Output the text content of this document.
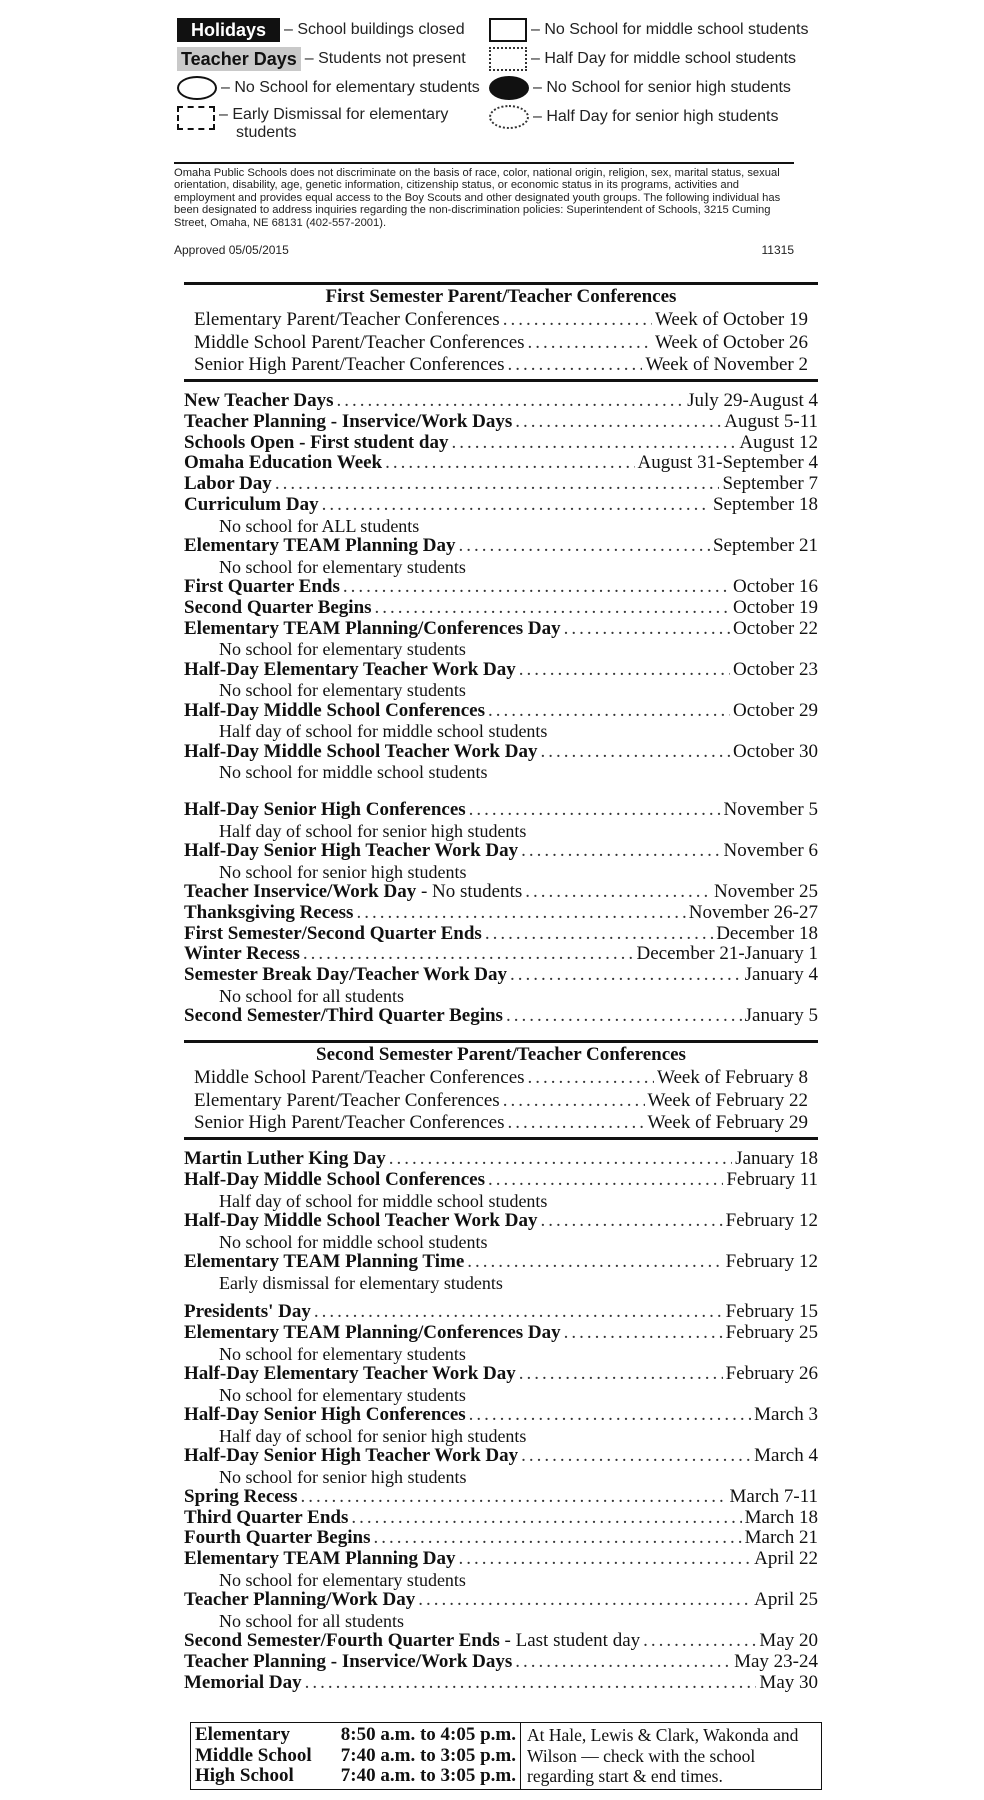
Holidays	– School buildings closed
Teacher Days – Students not present
– No School for elementary students
– Early Dismissal for elementary
students
– No School for middle school students
– Half Day for middle school students
– No School for senior high students
– Half Day for senior high students
Omaha Public Schools does not discriminate on the basis of race, color, national origin, religion, sex, marital status, sexual orientation, disability, age, genetic information, citizenship status, or economic status in its programs, activities and employment and provides equal access to the Boy Scouts and other designated youth groups. The following individual has been designated to address inquiries regarding the non-discrimination policies: Superintendent of Schools, 3215 Cuming Street, Omaha, NE 68131 (402-557-2001).
Approved 05/05/2015	11315
First Semester Parent/Teacher Conferences
Elementary Parent/Teacher Conferences .....	Week of October 19
Middle School Parent/Teacher Conferences .....	Week of October 26
Senior High Parent/Teacher Conferences .....	Week of November 2
New Teacher Days .....	July 29-August 4
Teacher Planning - Inservice/Work Days .....	August 5-11
Schools Open - First student day .....	August 12
Omaha Education Week .....	August 31-September 4
Labor Day .....	September 7
Curriculum Day .....	September 18
No school for ALL students
Elementary TEAM Planning Day .....	September 21
No school for elementary students
First Quarter Ends .....	October 16
Second Quarter Begins .....	October 19
Elementary TEAM Planning/Conferences Day .....	October 22
No school for elementary students
Half-Day Elementary Teacher Work Day .....	October 23
No school for elementary students
Half-Day Middle School Conferences .....	October 29
Half day of school for middle school students
Half-Day Middle School Teacher Work Day .....	October 30
No school for middle school students
Half-Day Senior High Conferences .....	November 5
Half day of school for senior high students
Half-Day Senior High Teacher Work Day .....	November 6
No school for senior high students
Teacher Inservice/Work Day - No students .....	November 25
Thanksgiving Recess .....	November 26-27
First Semester/Second Quarter Ends .....	December 18
Winter Recess .....	December 21-January 1
Semester Break Day/Teacher Work Day .....	January 4
No school for all students
Second Semester/Third Quarter Begins .....	January 5
Second Semester Parent/Teacher Conferences
Middle School Parent/Teacher Conferences .....	Week of February 8
Elementary Parent/Teacher Conferences .....	Week of February 22
Senior High Parent/Teacher Conferences .....	Week of February 29
Martin Luther King Day .....	January 18
Half-Day Middle School Conferences .....	February 11
Half day of school for middle school students
Half-Day Middle School Teacher Work Day .....	February 12
No school for middle school students
Elementary TEAM Planning Time .....	February 12
Early dismissal for elementary students
Presidents' Day .....	February 15
Elementary TEAM Planning/Conferences Day .....	February 25
No school for elementary students
Half-Day Elementary Teacher Work Day .....	February 26
No school for elementary students
Half-Day Senior High Conferences .....	March 3
Half day of school for senior high students
Half-Day Senior High Teacher Work Day .....	March 4
No school for senior high students
Spring Recess .....	March 7-11
Third Quarter Ends .....	March 18
Fourth Quarter Begins .....	March 21
Elementary TEAM Planning Day .....	April 22
No school for elementary students
Teacher Planning/Work Day .....	April 25
No school for all students
Second Semester/Fourth Quarter Ends - Last student day .....	May 20
Teacher Planning - Inservice/Work Days .....	May 23-24
Memorial Day .....	May 30
Elementary	8:50 a.m. to 4:05 p.m.
Middle School	7:40 a.m. to 3:05 p.m.
High School	7:40 a.m. to 3:05 p.m.
At Hale, Lewis & Clark, Wakonda and Wilson — check with the school regarding start & end times.
